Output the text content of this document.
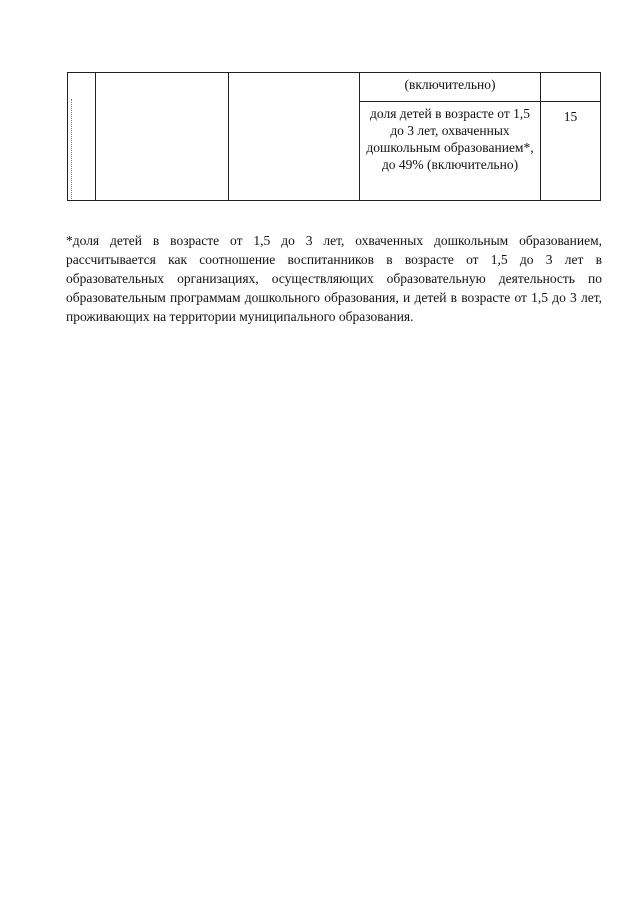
			(включительно)	

			доля детей в возрасте от 1,5 до 3 лет, охваченных дошкольным образованием*, до 49% (включительно)	15

*доля детей в возрасте от 1,5 до 3 лет, охваченных дошкольным образованием, рассчитывается как соотношение воспитанников в возрасте от 1,5 до 3 лет в образовательных организациях, осуществляющих образовательную деятельность по образовательным программам дошкольного образования, и детей в возрасте от 1,5 до 3 лет, проживающих на территории муниципального образования.
